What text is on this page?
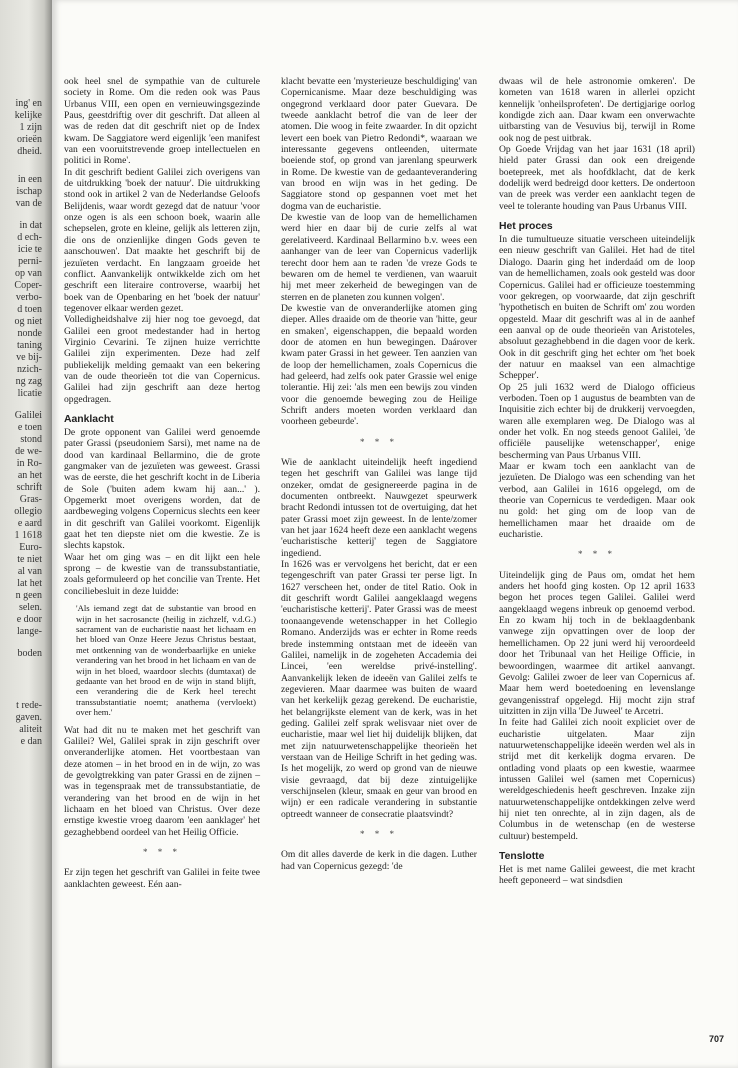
ing' en
kelijke
1 zijn
orieën
dheid.
in een
ischap
van de
in dat
d ech-
icie te
perni-
op van
Coper-
verbo-
d toen
og niet
nonde
taning
ve bij-
nzich-
ng zag
licatie
Galilei
e toen
stond
de we-
in Ro-
an het
schrift
Gras-
ollegio
e aard
1 1618
Euro-
te niet
al van
lat het
n geen
selen.
e door
lange-
boden
t rede-
gaven.
aliteit
e dan

ook heel snel de sympathie van de culturele society in Rome. Om die reden ook was Paus Urbanus VIII, een open en vernieuwingsgezinde Paus, geestdriftig over dit geschrift. Dat alleen al was de reden dat dit geschrift niet op de Index kwam. De Saggiatore werd eigenlijk 'een manifest van een vooruitstrevende groep intellectuelen en politici in Rome'.

In dit geschrift bedient Galilei zich overigens van de uitdrukking 'boek der natuur'. Die uitdrukking stond ook in artikel 2 van de Nederlandse Geloofs Belijdenis, waar wordt gezegd dat de natuur 'voor onze ogen is als een schoon boek, waarin alle schepselen, grote en kleine, gelijk als letteren zijn, die ons de onzienlijke dingen Gods geven te aanschouwen'. Dat maakte het geschrift bij de jezuïeten verdacht. En langzaam groeide het conflict. Aanvankelijk ontwikkelde zich om het geschrift een literaire controverse, waarbij het boek van de Openbaring en het 'boek der natuur' tegenover elkaar werden gezet.

Volledigheidshalve zij hier nog toe gevoegd, dat Galilei een groot medestander had in hertog Virginio Cevarini. Te zijnen huize verrichtte Galilei zijn experimenten. Deze had zelf publiekelijk melding gemaakt van een bekering van de oude theorieën tot die van Copernicus. Galilei had zijn geschrift aan deze hertog opgedragen.

Aanklacht

De grote opponent van Galilei werd genoemde pater Grassi (pseudoniem Sarsi), met name na de dood van kardinaal Bellarmino, die de grote gangmaker van de jezuïeten was geweest. Grassi was de eerste, die het geschrift kocht in de Liberia de Sole ('buiten adem kwam hij aan...' ). Opgemerkt moet overigens worden, dat de aardbeweging volgens Copernicus slechts een keer in dit geschrift van Galilei voorkomt. Eigenlijk gaat het ten diepste niet om die kwestie. Ze is slechts kapstok.

Waar het om ging was – en dit lijkt een hele sprong – de kwestie van de transsubstantiatie, zoals geformuleerd op het concilie van Trente. Het conciliebesluit in deze luidde:

'Als iemand zegt dat de substantie van brood en wijn in het sacrosancte (heilig in zichzelf, v.d.G.) sacrament van de eucharistie naast het lichaam en het bloed van Onze Heere Jezus Christus bestaat, met ontkenning van de wonderbaarlijke en unieke verandering van het brood in het lichaam en van de wijn in het bloed, waardoor slechts (dumtaxat) de gedaante van het brood en de wijn in stand blijft, een verandering die de Kerk heel terecht transsubstantiatie noemt; anathema (vervloekt) over hem.'

Wat had dit nu te maken met het geschrift van Galilei? Wel, Galilei sprak in zijn geschrift over onveranderlijke atomen. Het voortbestaan van deze atomen – in het brood en in de wijn, zo was de gevolgtrekking van pater Grassi en de zijnen – was in tegenspraak met de transsubstantiatie, de verandering van het brood en de wijn in het lichaam en het bloed van Christus. Over deze ernstige kwestie vroeg daarom 'een aanklager' het gezaghebbend oordeel van het Heilig Officie.

* * *

Er zijn tegen het geschrift van Galilei in feite twee aanklachten geweest. Eén aan-

klacht bevatte een 'mysterieuze beschuldiging' van Copernicanisme. Maar deze beschuldiging was ongegrond verklaard door pater Guevara. De tweede aanklacht betrof die van de leer der atomen. Die woog in feite zwaarder. In dit opzicht levert een boek van Pietro Redondi*, waaraan we interessante gegevens ontleenden, uitermate boeiende stof, op grond van jarenlang speurwerk in Rome. De kwestie van de gedaanteverandering van brood en wijn was in het geding. De Saggiatore stond op gespannen voet met het dogma van de eucharistie.

De kwestie van de loop van de hemellichamen werd hier en daar bij de curie zelfs al wat gerelativeerd. Kardinaal Bellarmino b.v. wees een aanhanger van de leer van Copernicus vaderlijk terecht door hem aan te raden 'de vreze Gods te bewaren om de hemel te verdienen, van waaruit hij met meer zekerheid de bewegingen van de sterren en de planeten zou kunnen volgen'.

De kwestie van de onveranderlijke atomen ging dieper. Alles draaide om de theorie van 'hitte, geur en smaken', eigenschappen, die bepaald worden door de atomen en hun bewegingen. Daárover kwam pater Grassi in het geweer. Ten aanzien van de loop der hemellichamen, zoals Copernicus die had geleerd, had zelfs ook pater Grassie wel enige tolerantie. Hij zei: 'als men een bewijs zou vinden voor die genoemde beweging zou de Heilige Schrift anders moeten worden verklaard dan voorheen gebeurde'.

* * *

Wie de aanklacht uiteindelijk heeft ingediend tegen het geschrift van Galilei was lange tijd onzeker, omdat de gesignereerde pagina in de documenten ontbreekt. Nauwgezet speurwerk bracht Redondi intussen tot de overtuiging, dat het pater Grassi moet zijn geweest. In de lente/zomer van het jaar 1624 heeft deze een aanklacht wegens 'eucharistische ketterij' tegen de Saggiatore ingediend.

In 1626 was er vervolgens het bericht, dat er een tegengeschrift van pater Grassi ter perse ligt. In 1627 verscheen het, onder de titel Ratio. Ook in dit geschrift wordt Galilei aangeklaagd wegens 'eucharistische ketterij'. Pater Grassi was de meest toonaangevende wetenschapper in het Collegio Romano. Anderzijds was er echter in Rome reeds brede instemming ontstaan met de ideeën van Galilei, namelijk in de zogeheten Accademia dei Lincei, 'een wereldse privé-instelling'. Aanvankelijk leken de ideeën van Galilei zelfs te zegevieren. Maar daarmee was buiten de waard van het kerkelijk gezag gerekend. De eucharistie, het belangrijkste element van de kerk, was in het geding. Galilei zelf sprak welisvaar niet over de eucharistie, maar wel liet hij duidelijk blijken, dat met zijn natuurwetenschappelijke theorieën het verstaan van de Heilige Schrift in het geding was. Is het mogelijk, zo werd op grond van de nieuwe visie gevraagd, dat bij deze zintuigelijke verschijnselen (kleur, smaak en geur van brood en wijn) er een radicale verandering in substantie optreedt wanneer de consecratie plaatsvindt?

* * *

Om dit alles daverde de kerk in die dagen. Luther had van Copernicus gezegd: 'de

dwaas wil de hele astronomie omkeren'. De kometen van 1618 waren in allerlei opzicht kennelijk 'onheilsprofeten'. De dertigjarige oorlog kondigde zich aan. Daar kwam een onverwachte uitbarsting van de Vesuvius bij, terwijl in Rome ook nog de pest uitbrak.

Op Goede Vrijdag van het jaar 1631 (18 april) hield pater Grassi dan ook een dreigende boetepreek, met als hoofdklacht, dat de kerk dodelijk werd bedreigd door ketters. De ondertoon van de preek was verder een aanklacht tegen de veel te tolerante houding van Paus Urbanus VIII.

Het proces

In die tumultueuze situatie verscheen uiteindelijk een nieuw geschrift van Galilei. Het had de titel Dialogo. Daarin ging het inderdaád om de loop van de hemellichamen, zoals ook gesteld was door Copernicus. Galilei had er officieuze toestemming voor gekregen, op voorwaarde, dat zijn geschrift 'hypothetisch en buiten de Schrift om' zou worden opgesteld. Maar dit geschrift was al in de aanhef een aanval op de oude theorieën van Aristoteles, absoluut gezaghebbend in die dagen voor de kerk. Ook in dit geschrift ging het echter om 'het boek der natuur en maaksel van een almachtige Schepper'.

Op 25 juli 1632 werd de Dialogo officieus verboden. Toen op 1 augustus de beambten van de Inquisitie zich echter bij de drukkerij vervoegden, waren alle exemplaren weg. De Dialogo was al onder het volk. En nog steeds genoot Galilei, 'de officiële pauselijke wetenschapper', enige bescherming van Paus Urbanus VIII.

Maar er kwam toch een aanklacht van de jezuïeten. De Dialogo was een schending van het verbod, aan Galilei in 1616 opgelegd, om de theorie van Copernicus te verdedigen. Maar ook nu gold: het ging om de loop van de hemellichamen maar het draaide om de eucharistie.

* * *

Uiteindelijk ging de Paus om, omdat het hem anders het hoofd ging kosten. Op 12 april 1633 begon het proces tegen Galilei. Galilei werd aangeklaagd wegens inbreuk op genoemd verbod. En zo kwam hij toch in de beklaagdenbank vanwege zijn opvattingen over de loop der hemellichamen. Op 22 juni werd hij veroordeeld door het Tribunaal van het Heilige Officie, in bewoordingen, waarmee dit artikel aanvangt. Gevolg: Galilei zwoer de leer van Copernicus af. Maar hem werd boetedoening en levenslange gevangenisstraf opgelegd. Hij mocht zijn straf uitzitten in zijn villa 'De Juweel' te Arcetri.

In feite had Galilei zich nooit expliciet over de eucharistie uitgelaten. Maar zijn natuurwetenschappelijke ideeën werden wel als in strijd met dit kerkelijk dogma ervaren. De ontlading vond plaats op een kwestie, waarmee intussen Galilei wel (samen met Copernicus) wereldgeschiedenis heeft geschreven. Inzake zijn natuurwetenschappelijke ontdekkingen zelve werd hij niet ten onrechte, al in zijn dagen, als de Columbus in de wetenschap (en de westerse cultuur) bestempeld.

Tenslotte

Het is met name Galilei geweest, die met kracht heeft geponeerd – wat sindsdien

707
